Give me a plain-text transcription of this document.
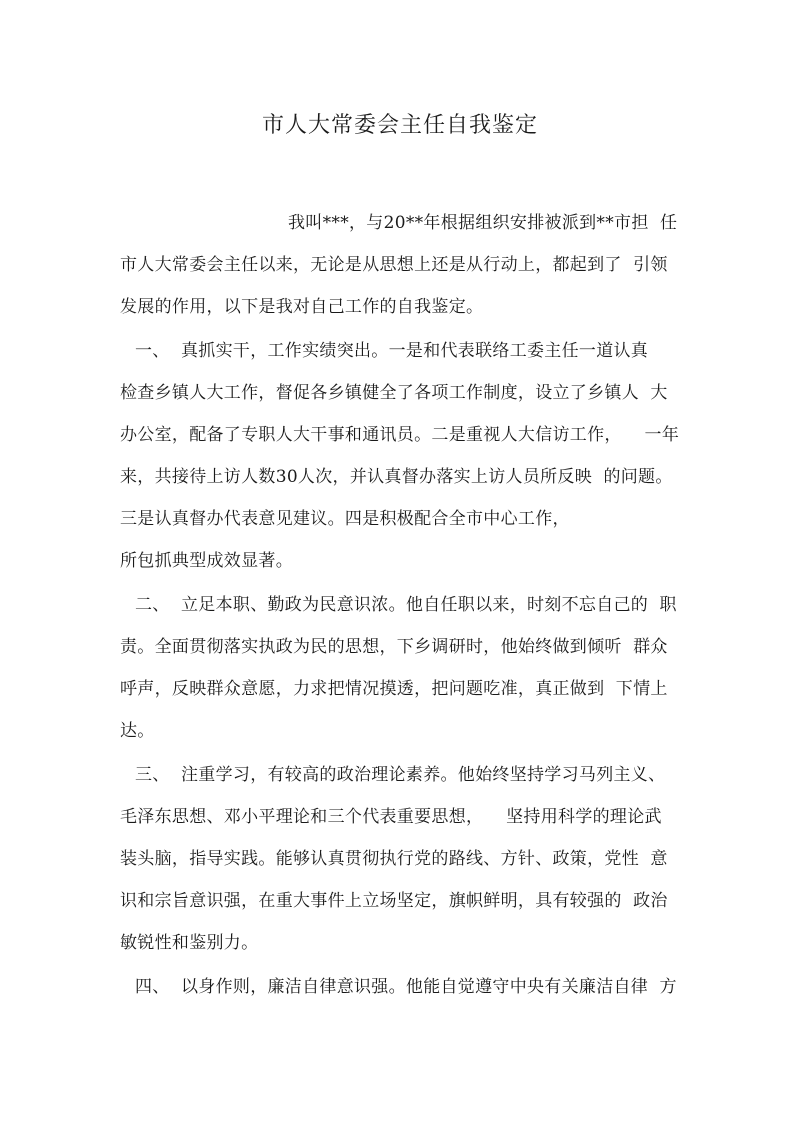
市人大常委会主任自我鉴定
我叫***，与20**年根据组织安排被派到**市担  任
市人大常委会主任以来，无论是从思想上还是从行动上，都起到了  引领
发展的作用，以下是我对自己工作的自我鉴定。
一、  真抓实干，工作实绩突出。一是和代表联络工委主任一道认真
检查乡镇人大工作，督促各乡镇健全了各项工作制度，设立了乡镇人  大
办公室，配备了专职人大干事和通讯员。二是重视人大信访工作，    一年
来，共接待上访人数30人次，并认真督办落实上访人员所反映  的问题。
三是认真督办代表意见建议。四是积极配合全市中心工作，
所包抓典型成效显著。
二、  立足本职、勤政为民意识浓。他自任职以来，时刻不忘自己的  职
责。全面贯彻落实执政为民的思想，下乡调研时，他始终做到倾听  群众
呼声，反映群众意愿，力求把情况摸透，把问题吃准，真正做到  下情上
达。
三、  注重学习，有较高的政治理论素养。他始终坚持学习马列主义、
毛泽东思想、邓小平理论和三个代表重要思想，    坚持用科学的理论武
装头脑，指导实践。能够认真贯彻执行党的路线、方针、政策，党性  意
识和宗旨意识强，在重大事件上立场坚定，旗帜鲜明，具有较强的  政治
敏锐性和鉴别力。
四、  以身作则，廉洁自律意识强。他能自觉遵守中央有关廉洁自律  方
